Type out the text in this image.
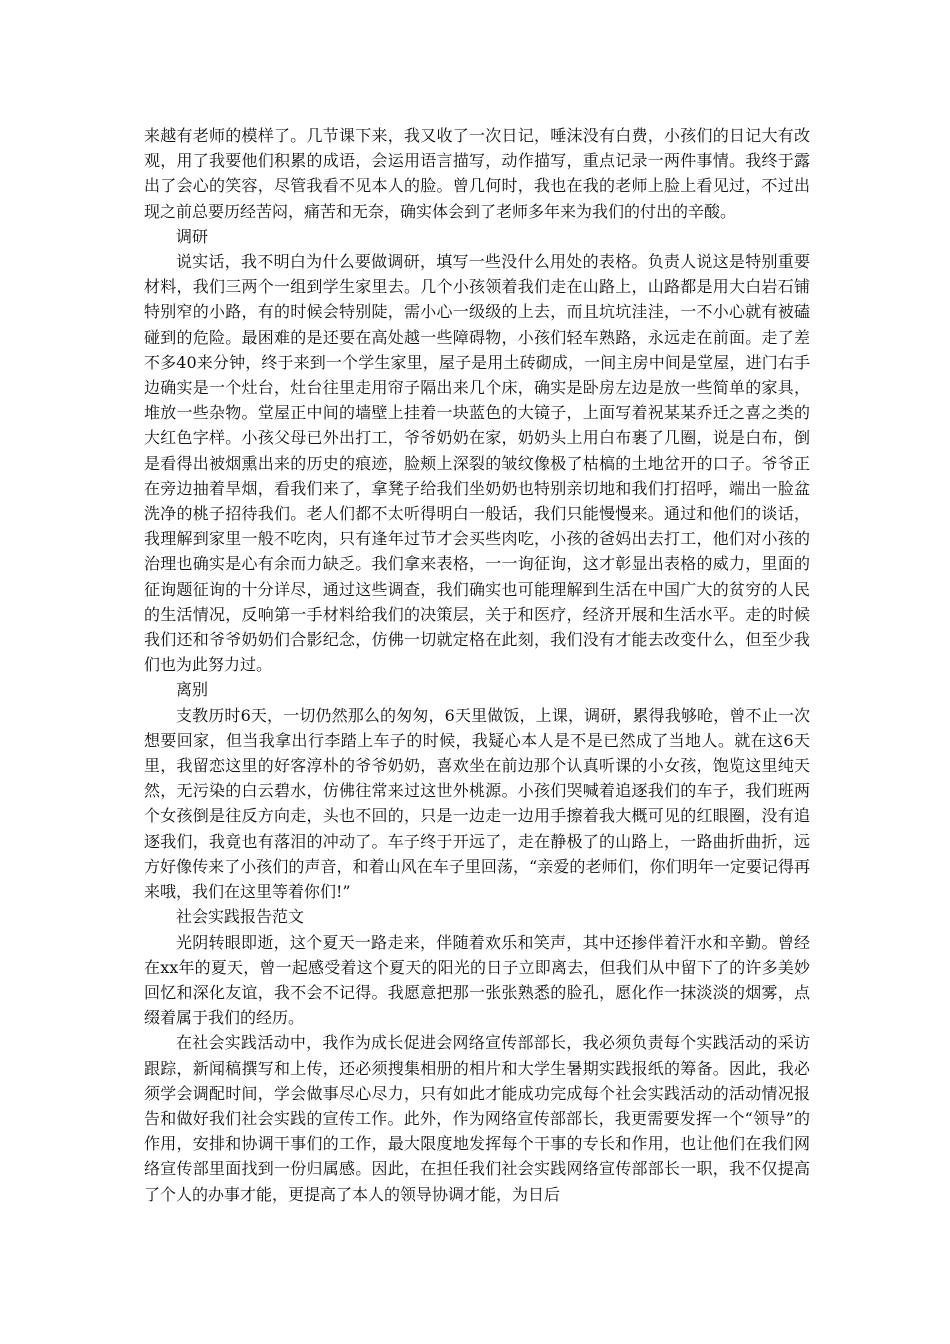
来越有老师的模样了。几节课下来，我又收了一次日记，唾沫没有白费，小孩们的日记大有改观，用了我要他们积累的成语，会运用语言描写，动作描写，重点记录一两件事情。我终于露出了会心的笑容，尽管我看不见本人的脸。曾几何时，我也在我的老师上脸上看见过，不过出现之前总要历经苦闷，痛苦和无奈，确实体会到了老师多年来为我们的付出的辛酸。

调研

说实话，我不明白为什么要做调研，填写一些没什么用处的表格。负责人说这是特别重要材料，我们三两个一组到学生家里去。几个小孩领着我们走在山路上，山路都是用大白岩石铺特别窄的小路，有的时候会特别陡，需小心一级级的上去，而且坑坑洼洼，一不小心就有被磕碰到的危险。最困难的是还要在高处越一些障碍物，小孩们轻车熟路，永远走在前面。走了差不多40来分钟，终于来到一个学生家里，屋子是用土砖砌成，一间主房中间是堂屋，进门右手边确实是一个灶台，灶台往里走用帘子隔出来几个床，确实是卧房左边是放一些简单的家具，堆放一些杂物。堂屋正中间的墙壁上挂着一块蓝色的大镜子，上面写着祝某某乔迁之喜之类的大红色字样。小孩父母已外出打工，爷爷奶奶在家，奶奶头上用白布裹了几圈，说是白布，倒是看得出被烟熏出来的历史的痕迹，脸颊上深裂的皱纹像极了枯槁的土地岔开的口子。爷爷正在旁边抽着旱烟，看我们来了，拿凳子给我们坐奶奶也特别亲切地和我们打招呼，端出一脸盆洗净的桃子招待我们。老人们都不太听得明白一般话，我们只能慢慢来。通过和他们的谈话，我理解到家里一般不吃肉，只有逢年过节才会买些肉吃，小孩的爸妈出去打工，他们对小孩的治理也确实是心有余而力缺乏。我们拿来表格，一一询征询，这才彰显出表格的威力，里面的征询题征询的十分详尽，通过这些调查，我们确实也可能理解到生活在中国广大的贫穷的人民的生活情况，反响第一手材料给我们的决策层，关于和医疗，经济开展和生活水平。走的时候我们还和爷爷奶奶们合影纪念，仿佛一切就定格在此刻，我们没有才能去改变什么，但至少我们也为此努力过。

离别

支教历时6天，一切仍然那么的匆匆，6天里做饭，上课，调研，累得我够呛，曾不止一次想要回家，但当我拿出行李踏上车子的时候，我疑心本人是不是已然成了当地人。就在这6天里，我留恋这里的好客淳朴的爷爷奶奶，喜欢坐在前边那个认真听课的小女孩，饱览这里纯天然，无污染的白云碧水，仿佛往常来过这世外桃源。小孩们哭喊着追逐我们的车子，我们班两个女孩倒是往反方向走，头也不回的，只是一边走一边用手擦着我大概可见的红眼圈，没有追逐我们，我竟也有落泪的冲动了。车子终于开远了，走在静极了的山路上，一路曲折曲折，远方好像传来了小孩们的声音，和着山风在车子里回荡，“亲爱的老师们，你们明年一定要记得再来哦，我们在这里等着你们!”

社会实践报告范文

光阴转眼即逝，这个夏天一路走来，伴随着欢乐和笑声，其中还掺伴着汗水和辛勤。曾经在xx年的夏天，曾一起感受着这个夏天的阳光的日子立即离去，但我们从中留下了的许多美妙回忆和深化友谊，我不会不记得。我愿意把那一张张熟悉的脸孔，愿化作一抹淡淡的烟雾，点缀着属于我们的经历。

在社会实践活动中，我作为成长促进会网络宣传部部长，我必须负责每个实践活动的采访跟踪，新闻稿撰写和上传，还必须搜集相册的相片和大学生暑期实践报纸的筹备。因此，我必须学会调配时间，学会做事尽心尽力，只有如此才能成功完成每个社会实践活动的活动情况报告和做好我们社会实践的宣传工作。此外，作为网络宣传部部长，我更需要发挥一个“领导”的作用，安排和协调干事们的工作，最大限度地发挥每个干事的专长和作用，也让他们在我们网络宣传部里面找到一份归属感。因此，在担任我们社会实践网络宣传部部长一职，我不仅提高了个人的办事才能，更提高了本人的领导协调才能，为日后
